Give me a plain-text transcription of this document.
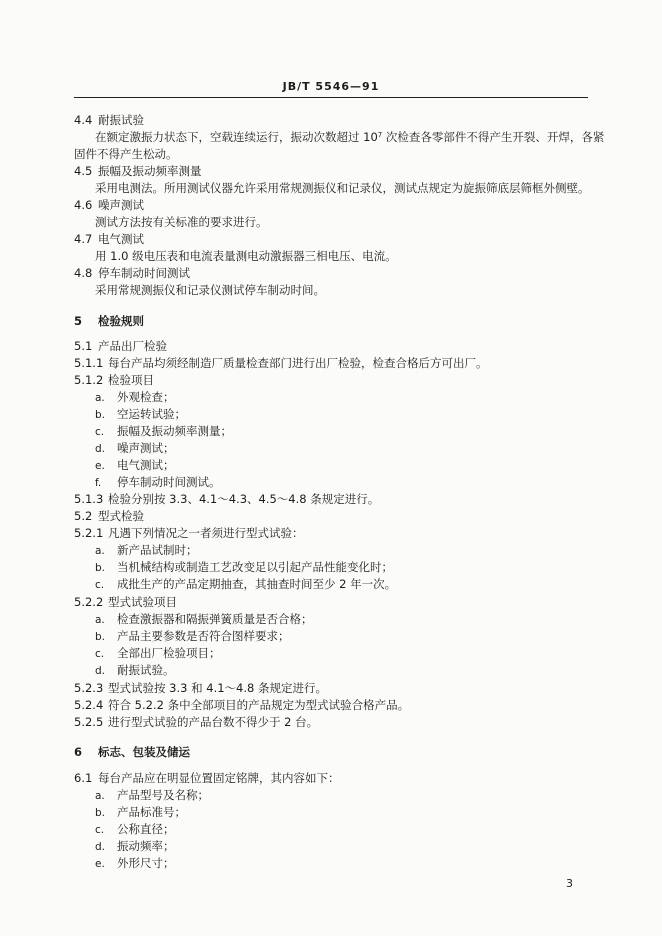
JB/T 5546—91
4.4 耐振试验
在额定激振力状态下，空载连续运行，振动次数超过 $10^7$ 次检查各零部件不得产生开裂、开焊，各紧
固件不得产生松动。
4.5 振幅及振动频率测量
采用电测法。所用测试仪器允许采用常规测振仪和记录仪，测试点规定为旋振筛底层筛框外侧壁。
4.6 噪声测试
测试方法按有关标准的要求进行。
4.7 电气测试
用 1.0 级电压表和电流表量测电动激振器三相电压、电流。
4.8 停车制动时间测试
采用常规测振仪和记录仪测试停车制动时间。
5 检验规则
5.1 产品出厂检验
5.1.1 每台产品均须经制造厂质量检查部门进行出厂检验，检查合格后方可出厂。
5.1.2 检验项目
a. 外观检查；
b. 空运转试验；
c. 振幅及振动频率测量；
d. 噪声测试；
e. 电气测试；
f. 停车制动时间测试。
5.1.3 检验分别按 3.3、4.1～4.3、4.5～4.8 条规定进行。
5.2 型式检验
5.2.1 凡遇下列情况之一者须进行型式试验：
a. 新产品试制时；
b. 当机械结构或制造工艺改变足以引起产品性能变化时；
c. 成批生产的产品定期抽查，其抽查时间至少 2 年一次。
5.2.2 型式试验项目
a. 检查激振器和隔振弹簧质量是否合格；
b. 产品主要参数是否符合图样要求；
c. 全部出厂检验项目；
d. 耐振试验。
5.2.3 型式试验按 3.3 和 4.1～4.8 条规定进行。
5.2.4 符合 5.2.2 条中全部项目的产品规定为型式试验合格产品。
5.2.5 进行型式试验的产品台数不得少于 2 台。
6 标志、包装及储运
6.1 每台产品应在明显位置固定铭牌，其内容如下：
a. 产品型号及名称；
b. 产品标准号；
c. 公称直径；
d. 振动频率；
e. 外形尺寸；
3
